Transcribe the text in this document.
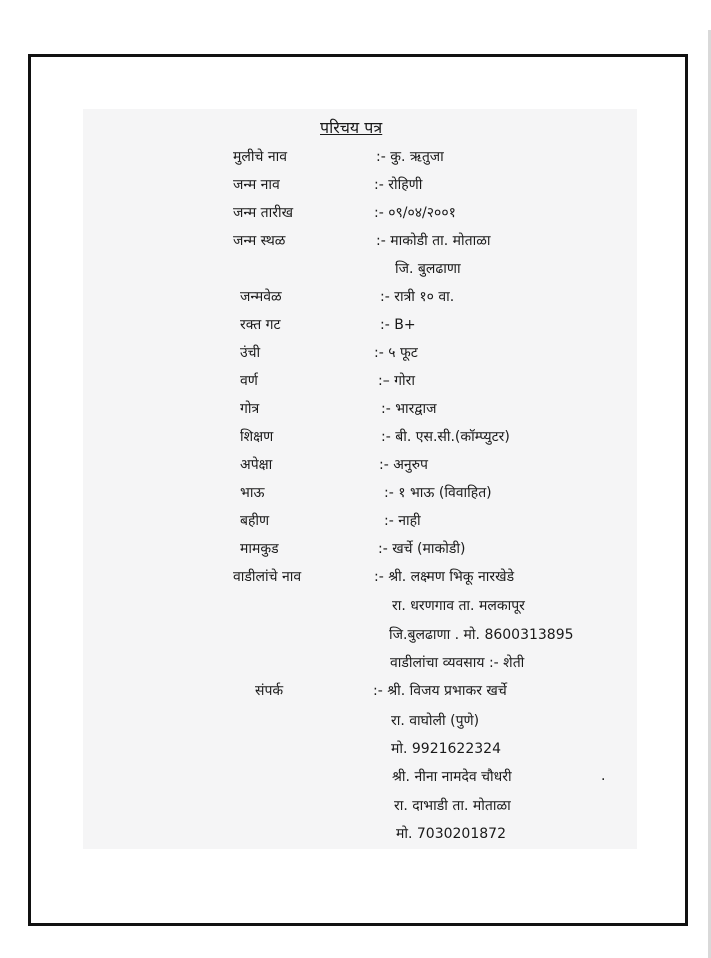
परिचय पत्र
मुलीचे नाव
जन्म नाव
जन्म तारीख
जन्म स्थळ
जन्मवेळ
रक्त गट
उंची
वर्ण
गोत्र
शिक्षण
अपेक्षा
भाऊ
बहीण
मामकुड
वाडीलांचे नाव
संपर्क
:- कु. ऋतुजा
:- रोहिणी
:- ०९/०४/२००१
:- माकोडी ता. मोताळा
जि. बुलढाणा
:- रात्री १० वा.
:- B+
:- ५ फूट
:– गोरा
:- भारद्वाज
:- बी. एस.सी.(कॉम्प्युटर)
:- अनुरुप
:- १ भाऊ (विवाहित)
:- नाही
:- खर्चे (माकोडी)
:- श्री. लक्ष्मण भिकू नारखेडे
रा. धरणगाव ता. मलकापूर
जि.बुलढाणा . मो. 8600313895
वाडीलांचा व्यवसाय :- शेती
:- श्री. विजय प्रभाकर खर्चे
रा. वाघोली (पुणे)
मो. 9921622324
श्री. नीना नामदेव चौधरी
रा. दाभाडी ता. मोताळा
मो. 7030201872
.
